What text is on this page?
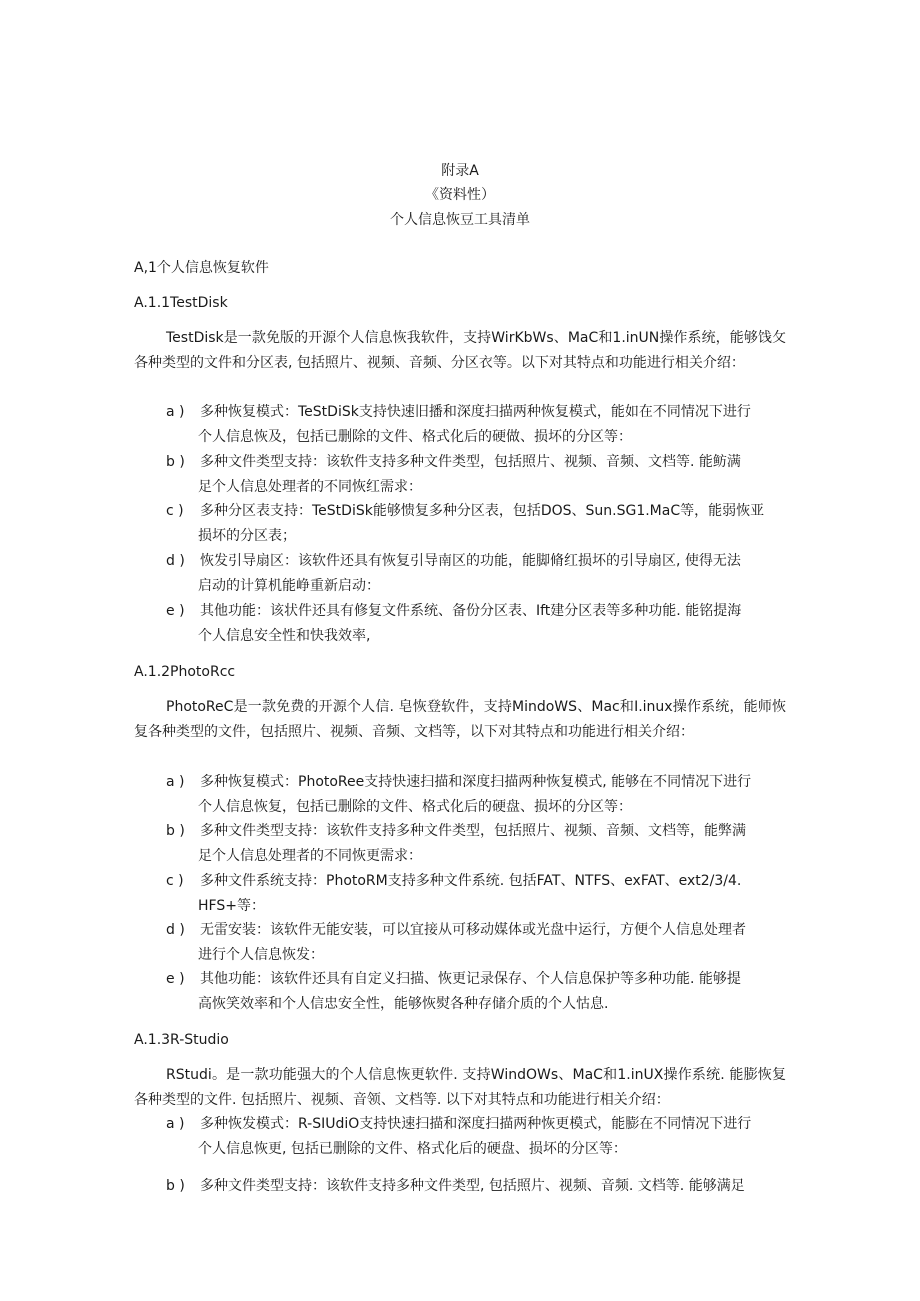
附录A
《资料性）
个人信息恢豆工具清单
A,1个人信息恢复软件
A.1.1TestDisk

TestDisk是一款免版的开源个人信息恢我软件，支持WirKbWs、MaC和1.inUN操作系统，能够饯攵各种类型的文件和分区表, 包括照片、视频、音频、分区衣等。以下对其特点和功能进行相关介绍：

a ) 多种恢复模式：TeStDiSk支持快速旧播和深度扫描两种恢复模式，能如在不同情况下进行
个人信息恢及，包括已删除的文件、格式化后的硬做、损坏的分区等：
b ) 多种文件类型支持：该软件支持多种文件类型，包括照片、视频、音频、文档等. 能鲂满
足个人信息处理者的不同恢红需求：
c ) 多种分区表支持：TeStDiSk能够愦复多种分区表，包括DOS、Sun.SG1.MaC等，能弱恢亚
损坏的分区表；
d ) 恢发引导扇区：该软件还具有恢复引导南区的功能，能脚脩红损坏的引导扇区, 使得无法
启动的计算机能峥重新启动：
e ) 其他功能：该状件还具有修复文件系统、备份分区表、Ift建分区表等多种功能. 能铭提海
个人信息安全性和快我效率,
A.1.2PhotoRcc

PhotoReC是一款免费的开源个人信. 皂恢登软件，支持MindoWS、Mac和I.inux操作系统，能师恢复各种类型的文件，包括照片、视频、音频、文档等，以下对其特点和功能进行相关介绍：

a ) 多种恢复模式：PhotoRee支持快速扫描和深度扫描两种恢复模式, 能够在不同情况下进行
个人信息恢复，包括已删除的文件、格式化后的硬盘、损坏的分区等：
b ) 多种文件类型支持：该软件支持多种文件类型，包括照片、视频、音频、文档等，能弊满
足个人信息处理者的不同恢更需求：
c ) 多种文件系统支持：PhotoRM支持多种文件系统. 包括FAT、NTFS、exFAT、ext2/3/4.
HFS+等：
d ) 无雷安装：该软件无能安装，可以宜接从可移动媒体或光盘中运行，方便个人信息处理者
进行个人信息恢发：
e ) 其他功能：该软件还具有自定义扫描、恢更记录保存、个人信息保护等多种功能. 能够提
高恢笑效率和个人信忠安全性，能够恢熨各种存储介质的个人怙息.
A.1.3R-Studio

RStudi。是一款功能强大的个人信息恢更软件. 支持WindOWs、MaC和1.inUX操作系统. 能膨恢复各种类型的文件. 包括照片、视频、音领、文档等. 以下对其特点和功能进行相关介绍：

a ) 多种恢发模式：R-SIUdiO支持快速扫描和深度扫描两种恢更模式，能膨在不同情况下进行
个人信息恢更, 包括已删除的文件、格式化后的硬盘、损坏的分区等：
b ) 多种文件类型支持：该软件支持多种文件类型, 包括照片、视频、音频. 文档等. 能够满足
